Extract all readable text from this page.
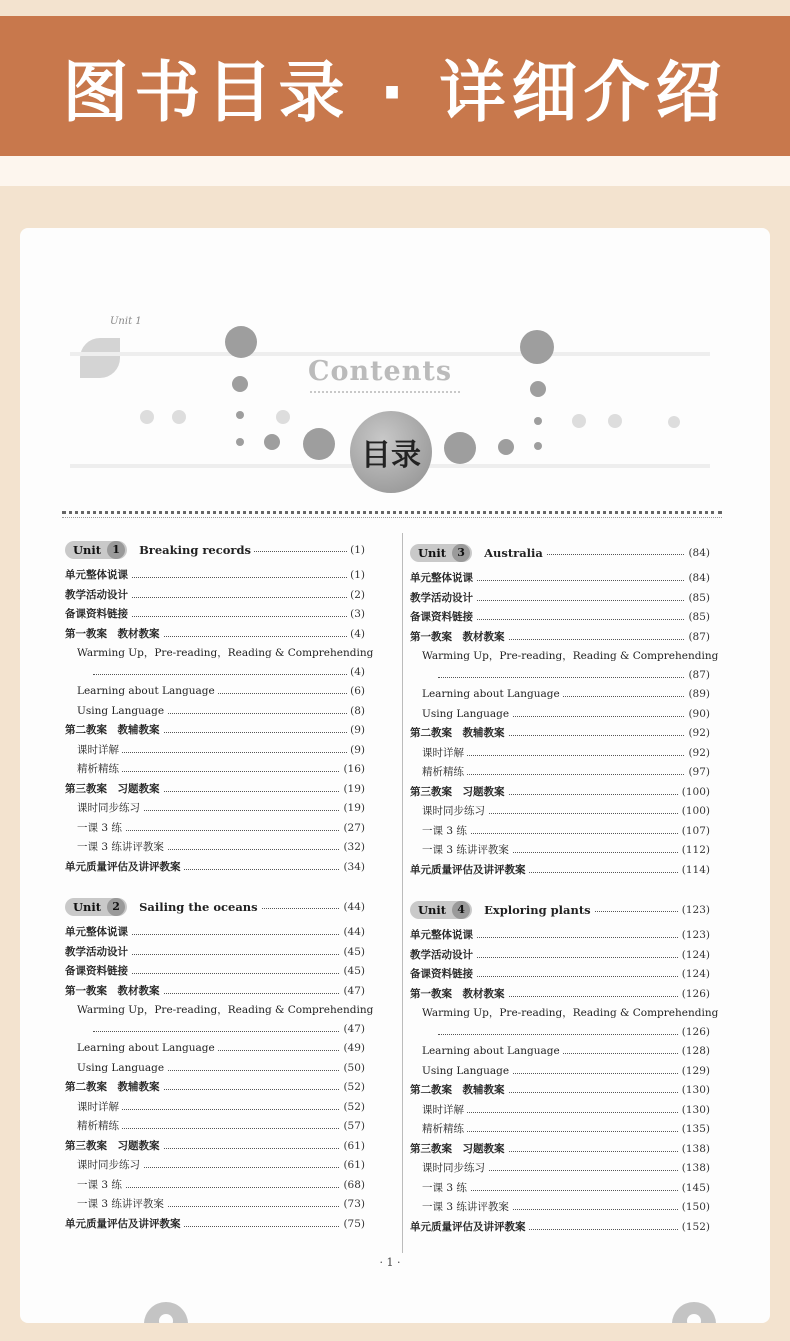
图书目录 · 详细介绍
Unit 1
Contents
目录
Unit	1	Breaking records	(1)
单元整体说课	(1)
教学活动设计	(2)
备课资料链接	(3)
第一教案　教材教案	(4)
Warming Up，Pre-reading，Reading & Comprehending
(4)
Learning about Language	(6)
Using Language	(8)
第二教案　教辅教案	(9)
课时详解	(9)
精析精练	(16)
第三教案　习题教案	(19)
课时同步练习	(19)
一课 3 练	(27)
一课 3 练讲评教案	(32)
单元质量评估及讲评教案	(34)
Unit	2	Sailing the oceans	(44)
单元整体说课	(44)
教学活动设计	(45)
备课资料链接	(45)
第一教案　教材教案	(47)
Warming Up，Pre-reading，Reading & Comprehending
(47)
Learning about Language	(49)
Using Language	(50)
第二教案　教辅教案	(52)
课时详解	(52)
精析精练	(57)
第三教案　习题教案	(61)
课时同步练习	(61)
一课 3 练	(68)
一课 3 练讲评教案	(73)
单元质量评估及讲评教案	(75)
Unit	3	Australia	(84)
单元整体说课	(84)
教学活动设计	(85)
备课资料链接	(85)
第一教案　教材教案	(87)
Warming Up，Pre-reading，Reading & Comprehending
(87)
Learning about Language	(89)
Using Language	(90)
第二教案　教辅教案	(92)
课时详解	(92)
精析精练	(97)
第三教案　习题教案	(100)
课时同步练习	(100)
一课 3 练	(107)
一课 3 练讲评教案	(112)
单元质量评估及讲评教案	(114)
Unit	4	Exploring plants	(123)
单元整体说课	(123)
教学活动设计	(124)
备课资料链接	(124)
第一教案　教材教案	(126)
Warming Up，Pre-reading，Reading & Comprehending
(126)
Learning about Language	(128)
Using Language	(129)
第二教案　教辅教案	(130)
课时详解	(130)
精析精练	(135)
第三教案　习题教案	(138)
课时同步练习	(138)
一课 3 练	(145)
一课 3 练讲评教案	(150)
单元质量评估及讲评教案	(152)
· 1 ·
